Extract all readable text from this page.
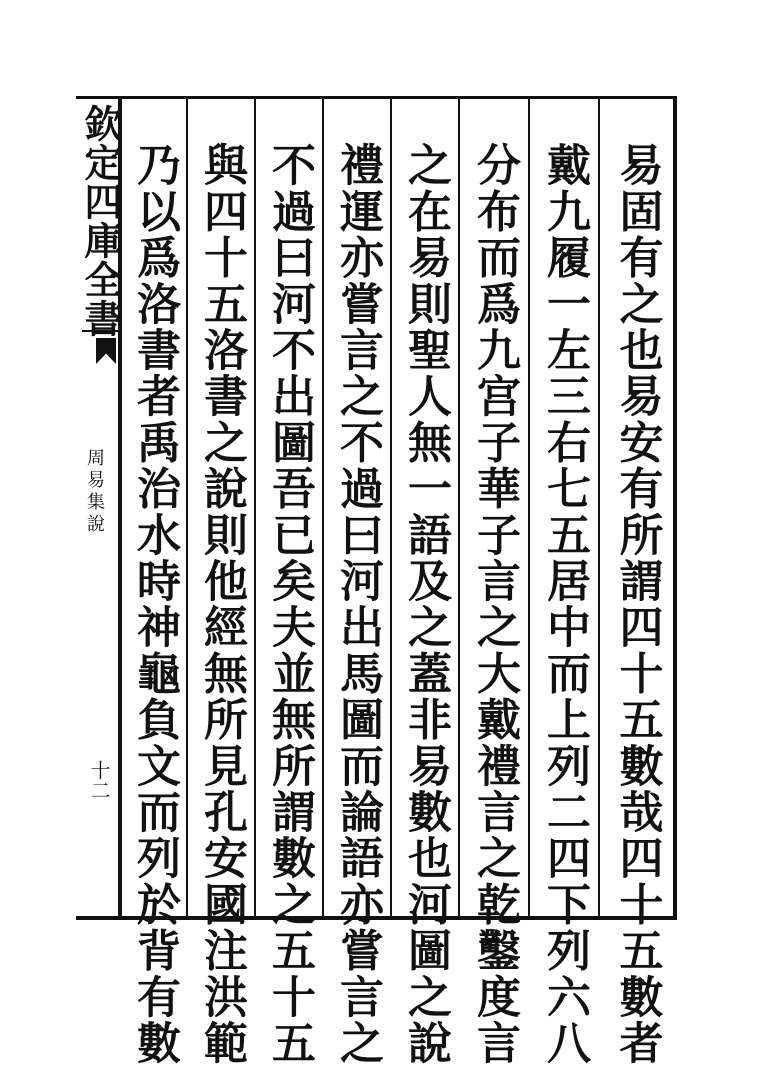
欽定四庫全書
周易集說
十二 乃以爲洛書者禹治水時神龜負文而列於背有數 與四十五洛書之說則他經無所見孔安國注洪範 不過曰河不出圖吾已矣夫並無所謂數之五十五 禮運亦嘗言之不過曰河出馬圖而論語亦嘗言之 之在易則聖人無一語及之蓋非易數也河圖之說 分布而爲九宫子華子言之大戴禮言之乾鑿度言 戴九履一左三右七五居中而上列二四下列六八 易固有之也易安有所謂四十五數哉四十五數者
